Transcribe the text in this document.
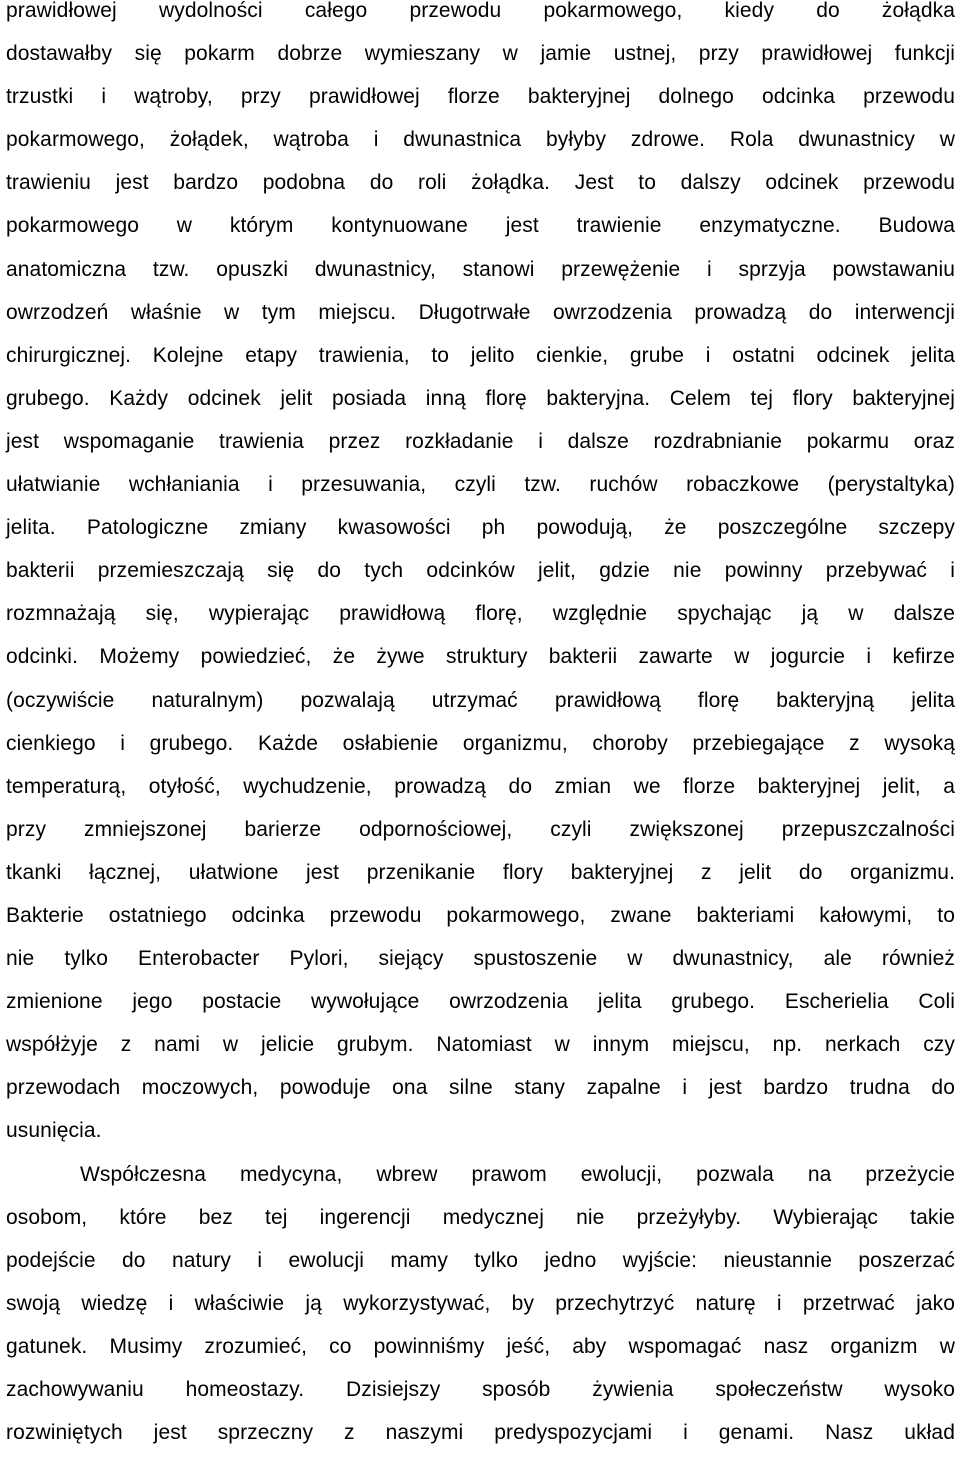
prawidłowej wydolności całego przewodu pokarmowego, kiedy do żołądka
dostawałby się pokarm dobrze wymieszany w jamie ustnej, przy prawidłowej funkcji
trzustki i wątroby, przy prawidłowej florze bakteryjnej dolnego odcinka przewodu
pokarmowego, żołądek, wątroba i dwunastnica byłyby zdrowe. Rola dwunastnicy w
trawieniu jest bardzo podobna do roli żołądka. Jest to dalszy odcinek przewodu
pokarmowego w którym kontynuowane jest trawienie enzymatyczne. Budowa
anatomiczna tzw. opuszki dwunastnicy, stanowi przewężenie i sprzyja powstawaniu
owrzodzeń właśnie w tym miejscu. Długotrwałe owrzodzenia prowadzą do interwencji
chirurgicznej. Kolejne etapy trawienia, to jelito cienkie, grube i ostatni odcinek jelita
grubego. Każdy odcinek jelit posiada inną florę bakteryjna. Celem tej flory bakteryjnej
jest wspomaganie trawienia przez rozkładanie i dalsze rozdrabnianie pokarmu oraz
ułatwianie wchłaniania i przesuwania, czyli tzw. ruchów robaczkowe (perystaltyka)
jelita. Patologiczne zmiany kwasowości ph powodują, że poszczególne szczepy
bakterii przemieszczają się do tych odcinków jelit, gdzie nie powinny przebywać i
rozmnażają się, wypierając prawidłową florę, względnie spychając ją w dalsze
odcinki. Możemy powiedzieć, że żywe struktury bakterii zawarte w jogurcie i kefirze
(oczywiście naturalnym) pozwalają utrzymać prawidłową florę bakteryjną jelita
cienkiego i grubego. Każde osłabienie organizmu, choroby przebiegające z wysoką
temperaturą, otyłość, wychudzenie, prowadzą do zmian we florze bakteryjnej jelit, a
przy zmniejszonej barierze odpornościowej, czyli zwiększonej przepuszczalności
tkanki łącznej, ułatwione jest przenikanie flory bakteryjnej z jelit do organizmu.
Bakterie ostatniego odcinka przewodu pokarmowego, zwane bakteriami kałowymi, to
nie tylko Enterobacter Pylori, siejący spustoszenie w dwunastnicy, ale również
zmienione jego postacie wywołujące owrzodzenia jelita grubego. Escherielia Coli
współżyje z nami w jelicie grubym. Natomiast w innym miejscu, np. nerkach czy
przewodach moczowych, powoduje ona silne stany zapalne i jest bardzo trudna do
usunięcia.
Współczesna medycyna, wbrew prawom ewolucji, pozwala na przeżycie
osobom, które bez tej ingerencji medycznej nie przeżyłyby. Wybierając takie
podejście do natury i ewolucji mamy tylko jedno wyjście: nieustannie poszerzać
swoją wiedzę i właściwie ją wykorzystywać, by przechytrzyć naturę i przetrwać jako
gatunek. Musimy zrozumieć, co powinniśmy jeść, aby wspomagać nasz organizm w
zachowywaniu homeostazy. Dzisiejszy sposób żywienia społeczeństw wysoko
rozwiniętych jest sprzeczny z naszymi predyspozycjami i genami. Nasz układ
